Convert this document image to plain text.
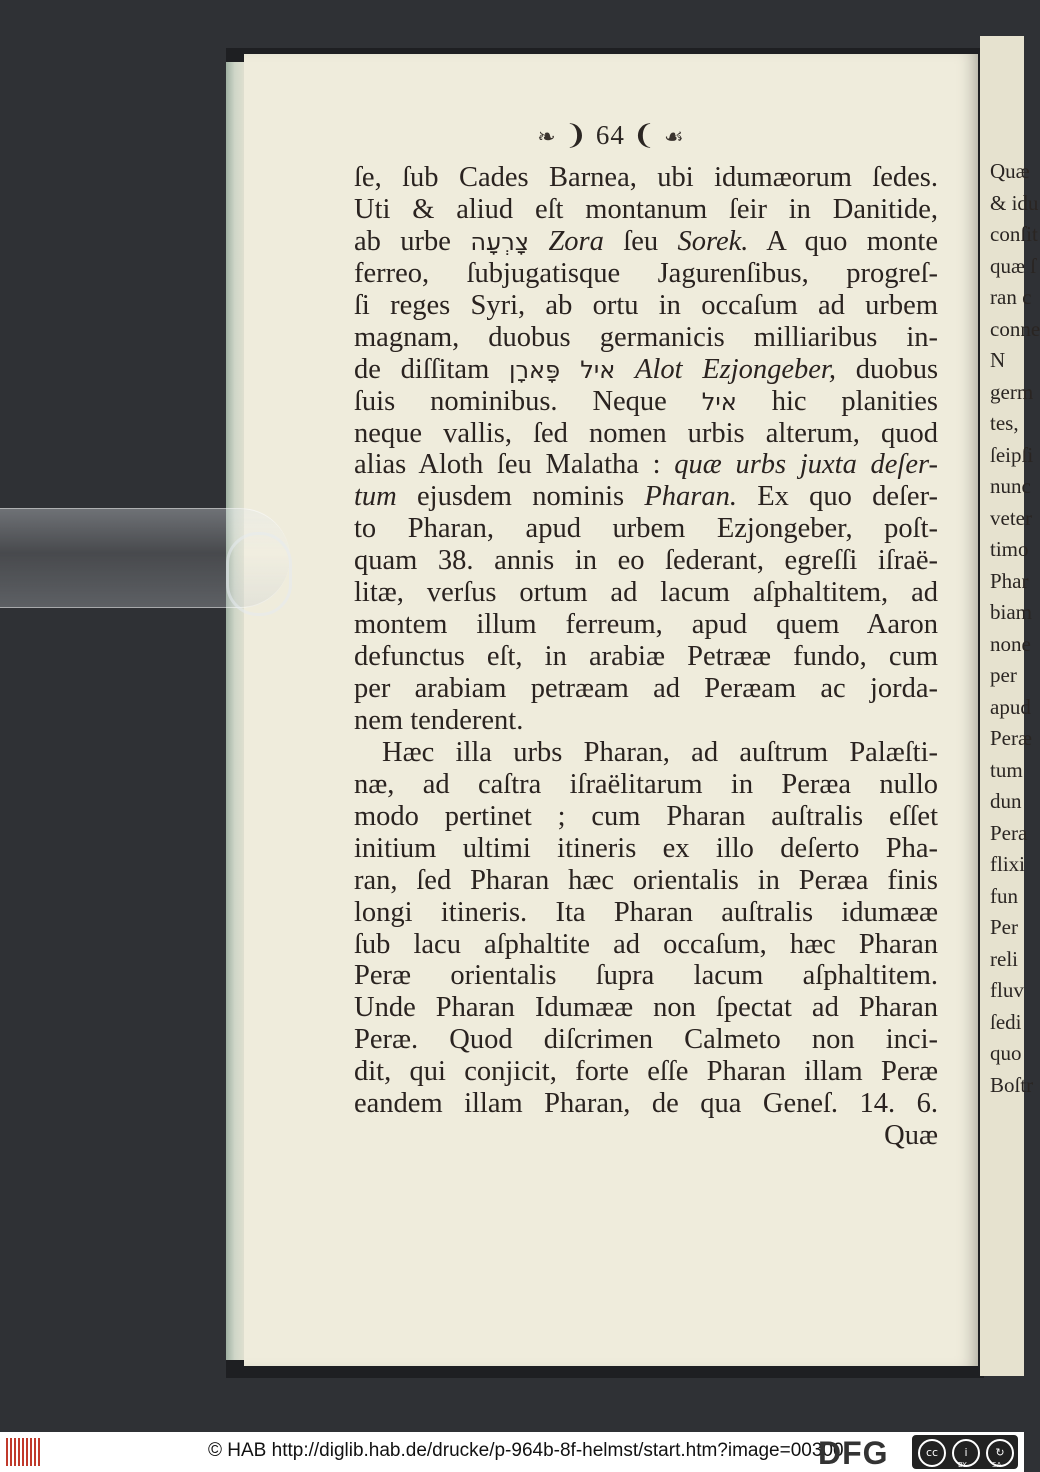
❧ ❩ 64 ❨ ☙
ſe, ſub Cades Barnea, ubi idumæorum ſedes.
Uti & aliud eſt montanum ſeir in Danitide,
ab urbe צָרְעָה Zora ſeu Sorek. A quo monte
ferreo, ſubjugatisque Jagurenſibus, progreſ-
ſi reges Syri, ab ortu in occaſum ad urbem
magnam, duobus germanicis milliaribus in-
de diſſitam איל פָּארָן Alot Ezjongeber, duobus
ſuis nominibus. Neque איל hic planities
neque vallis, ſed nomen urbis alterum, quod
alias Aloth ſeu Malatha : quæ urbs juxta deſer-
tum ejusdem nominis Pharan. Ex quo deſer-
to Pharan, apud urbem Ezjongeber, poſt-
quam 38. annis in eo ſederant, egreſſi iſraë-
litæ, verſus ortum ad lacum aſphaltitem, ad
montem illum ferreum, apud quem Aaron
defunctus eſt, in arabiæ Petrææ fundo, cum
per arabiam petræam ad Peræam ac jorda-
nem tenderent.
Hæc illa urbs Pharan, ad auſtrum Palæſti-
næ, ad caſtra iſraëlitarum in Peræa nullo
modo pertinet ; cum Pharan auſtralis eſſet
initium ultimi itineris ex illo deſerto Pha-
ran, ſed Pharan hæc orientalis in Peræa finis
longi itineris. Ita Pharan auſtralis idumææ
ſub lacu aſphaltite ad occaſum, hæc Pharan
Peræ orientalis ſupra lacum aſphaltitem.
Unde Pharan Idumææ non ſpectat ad Pharan
Peræ. Quod diſcrimen Calmeto non inci-
dit, qui conjicit, forte eſſe Pharan illam Peræ
eandem illam Pharan, de qua Geneſ. 14. 6.
Quæ
Quæ
& idu
conſit
quæ ſ
ran c
conne
N
germ
tes,
ſeipſi
nunc
veter
timo
Phar
biam
none
per
apud
Peræ
tum
dun
Pera
flixi
fun
Per
reli
fluv
ſedi
quo
Boſtr
© HAB http://diglib.hab.de/drucke/p-964b-8f-helmst/start.htm?image=00300
DFG	cc	i	↻
BY	SA
